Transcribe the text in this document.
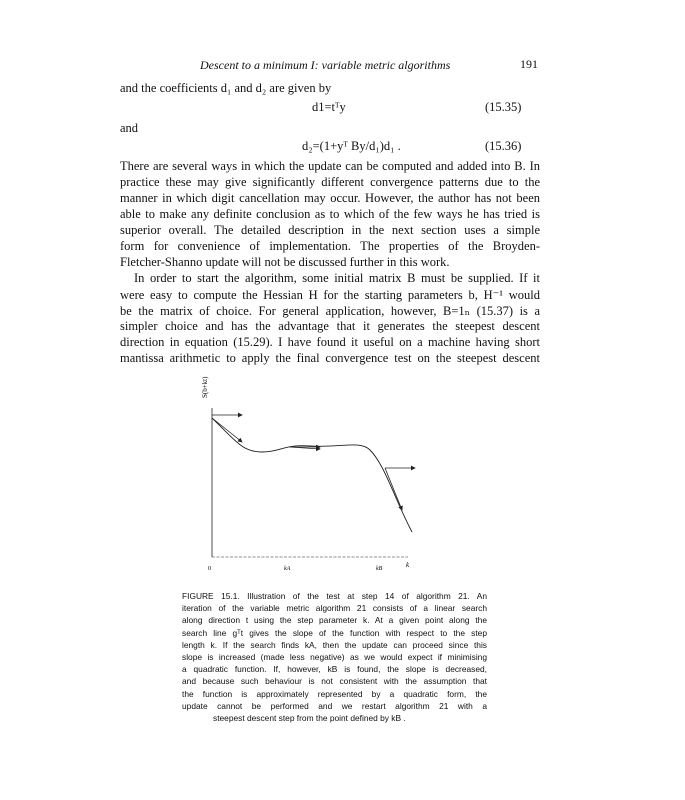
Descent to a minimum I: variable metric algorithms	191
and the coefficients d₁ and d₂ are given by
d1=tᵀy	(15.35)
and
d₂=(1+yᵀ By/d₁)d₁ .	(15.36)
There are several ways in which the update can be computed and added into B. In
practice these may give significantly different convergence patterns due to the
manner in which digit cancellation may occur. However, the author has not been
able to make any definite conclusion as to which of the few ways he has tried is
superior overall. The detailed description in the next section uses a simple
form for convenience of implementation. The properties of the Broyden-
Fletcher-Shanno update will not be discussed further in this work.
In order to start the algorithm, some initial matrix B must be supplied. If it
were easy to compute the Hessian H for the starting parameters b, H⁻¹ would
be the matrix of choice. For general application, however, B=1ₙ (15.37) is a
simpler choice and has the advantage that it generates the steepest descent
direction in equation (15.29). I have found it useful on a machine having short
mantissa arithmetic to apply the final convergence test on the steepest descent
S(b+kt)
0	kA	kB	k
FIGURE 15.1. Illustration of the test at step 14 of algorithm 21. An
iteration of the variable metric algorithm 21 consists of a linear search
along direction t using the step parameter k. At a given point along the
search line gᵀt gives the slope of the function with respect to the step
length k. If the search finds kA, then the update can proceed since this
slope is increased (made less negative) as we would expect if minimising
a quadratic function. If, however, kB is found, the slope is decreased,
and because such behaviour is not consistent with the assumption that
the function is approximately represented by a quadratic form, the
update cannot be performed and we restart algorithm 21 with a
steepest descent step from the point defined by kB .
